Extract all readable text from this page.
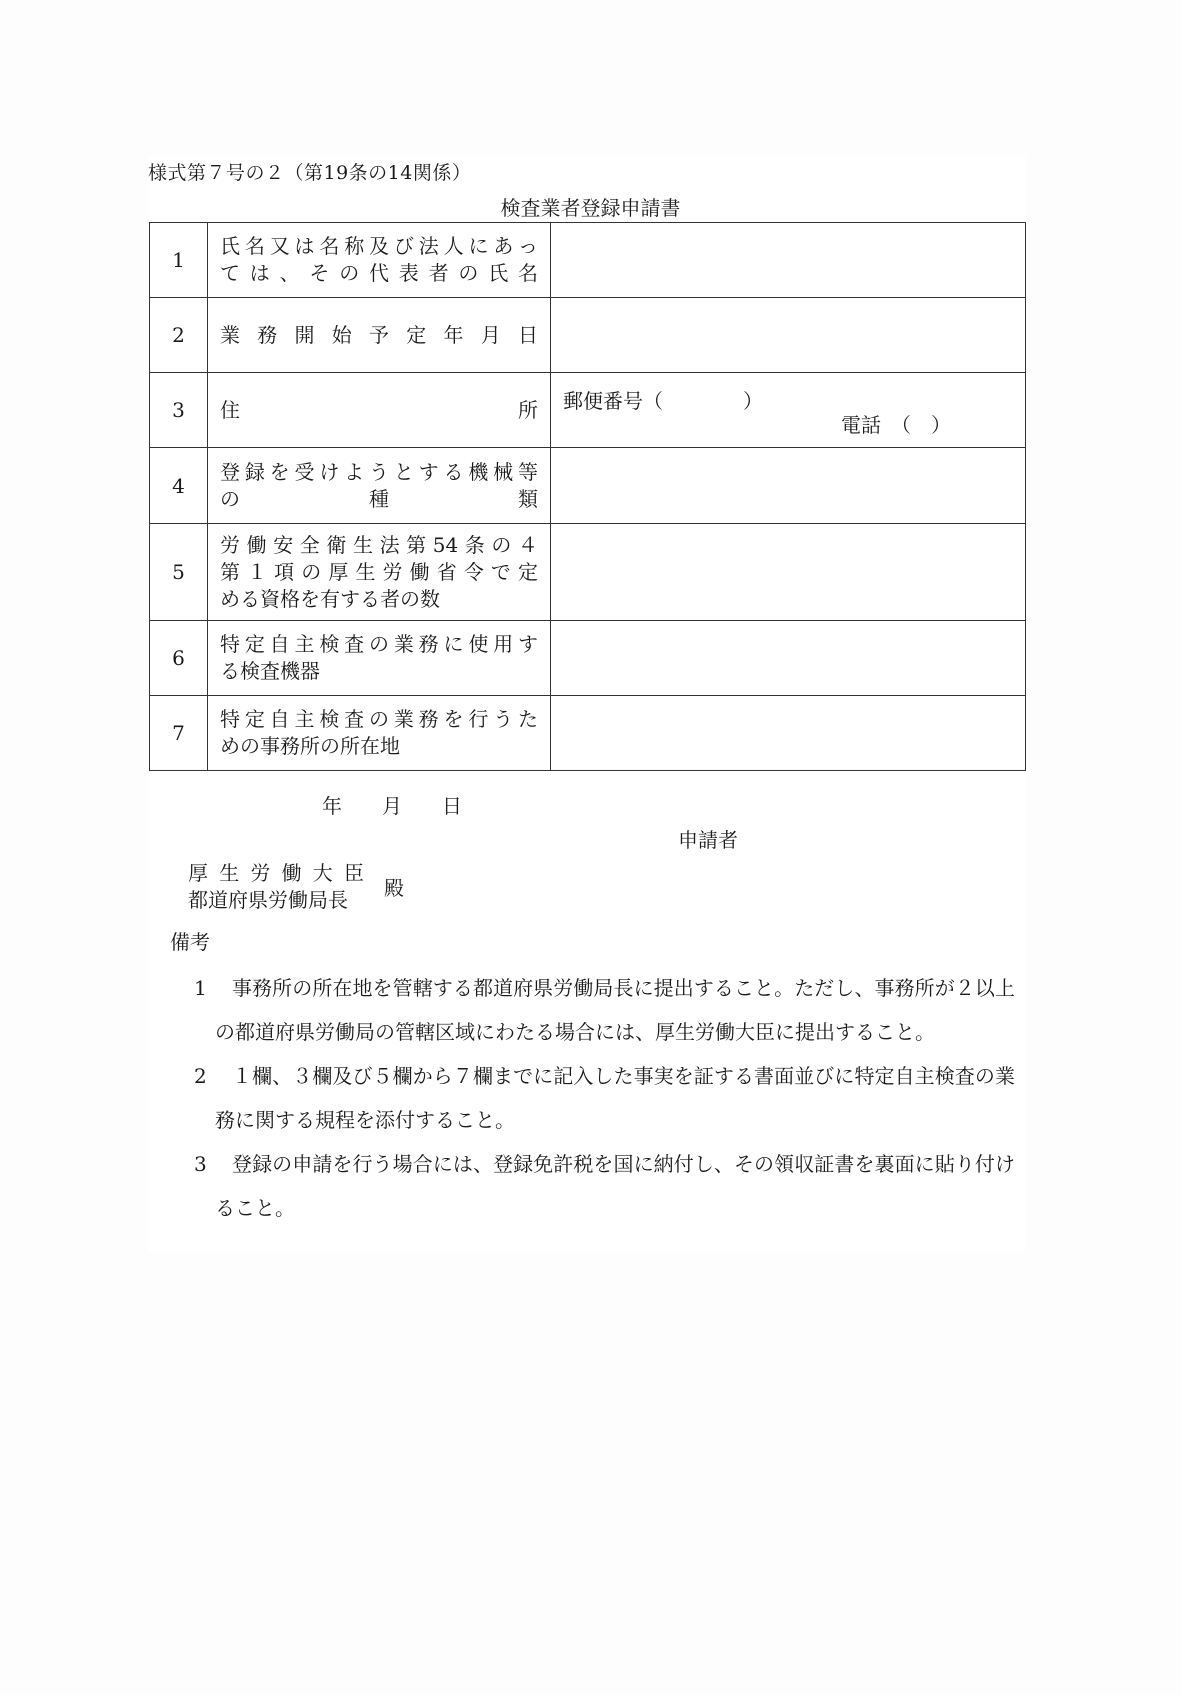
様式第７号の２（第19条の14関係）
検査業者登録申請書
1	氏名又は名称及び法人にあっ
ては、その代表者の氏名	

2	業務開始予定年月日	

3	住所	郵便番号（　　　　）
電話　（　）

4	登録を受けようとする機械等
の種類	

5	労働安全衛生法第54条の４
第１項の厚生労働省令で定
める資格を有する者の数	

6	特定自主検査の業務に使用す
る検査機器	

7	特定自主検査の業務を行うた
めの事務所の所在地	

年　　月　　日
申請者
厚生労働大臣
都道府県労働局長	殿
備考
1	事務所の所在地を管轄する都道府県労働局長に提出すること。ただし、事務所が２以上の都道府県労働局の管轄区域にわたる場合には、厚生労働大臣に提出すること。
2	１欄、３欄及び５欄から７欄までに記入した事実を証する書面並びに特定自主検査の業務に関する規程を添付すること。
3	登録の申請を行う場合には、登録免許税を国に納付し、その領収証書を裏面に貼り付けること。
